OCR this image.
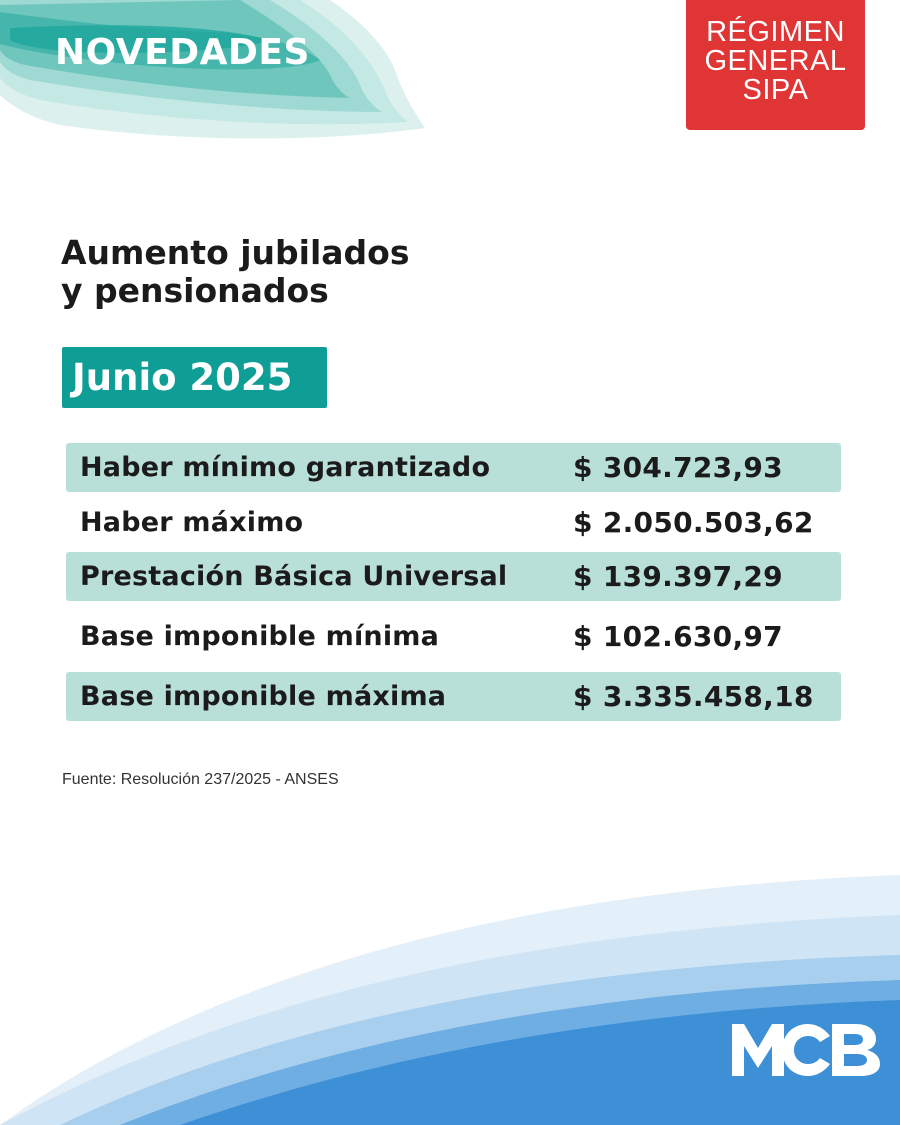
NOVEDADES
RÉGIMEN
GENERAL
SIPA
Aumento jubilados
y pensionados
Junio 2025
Haber mínimo garantizado	$ 304.723,93
Haber máximo	$ 2.050.503,62
Prestación Básica Universal $ 139.397,29
Base imponible mínima	$ 102.630,97
Base imponible máxima	$ 3.335.458,18
Fuente: Resolución 237/2025 - ANSES
